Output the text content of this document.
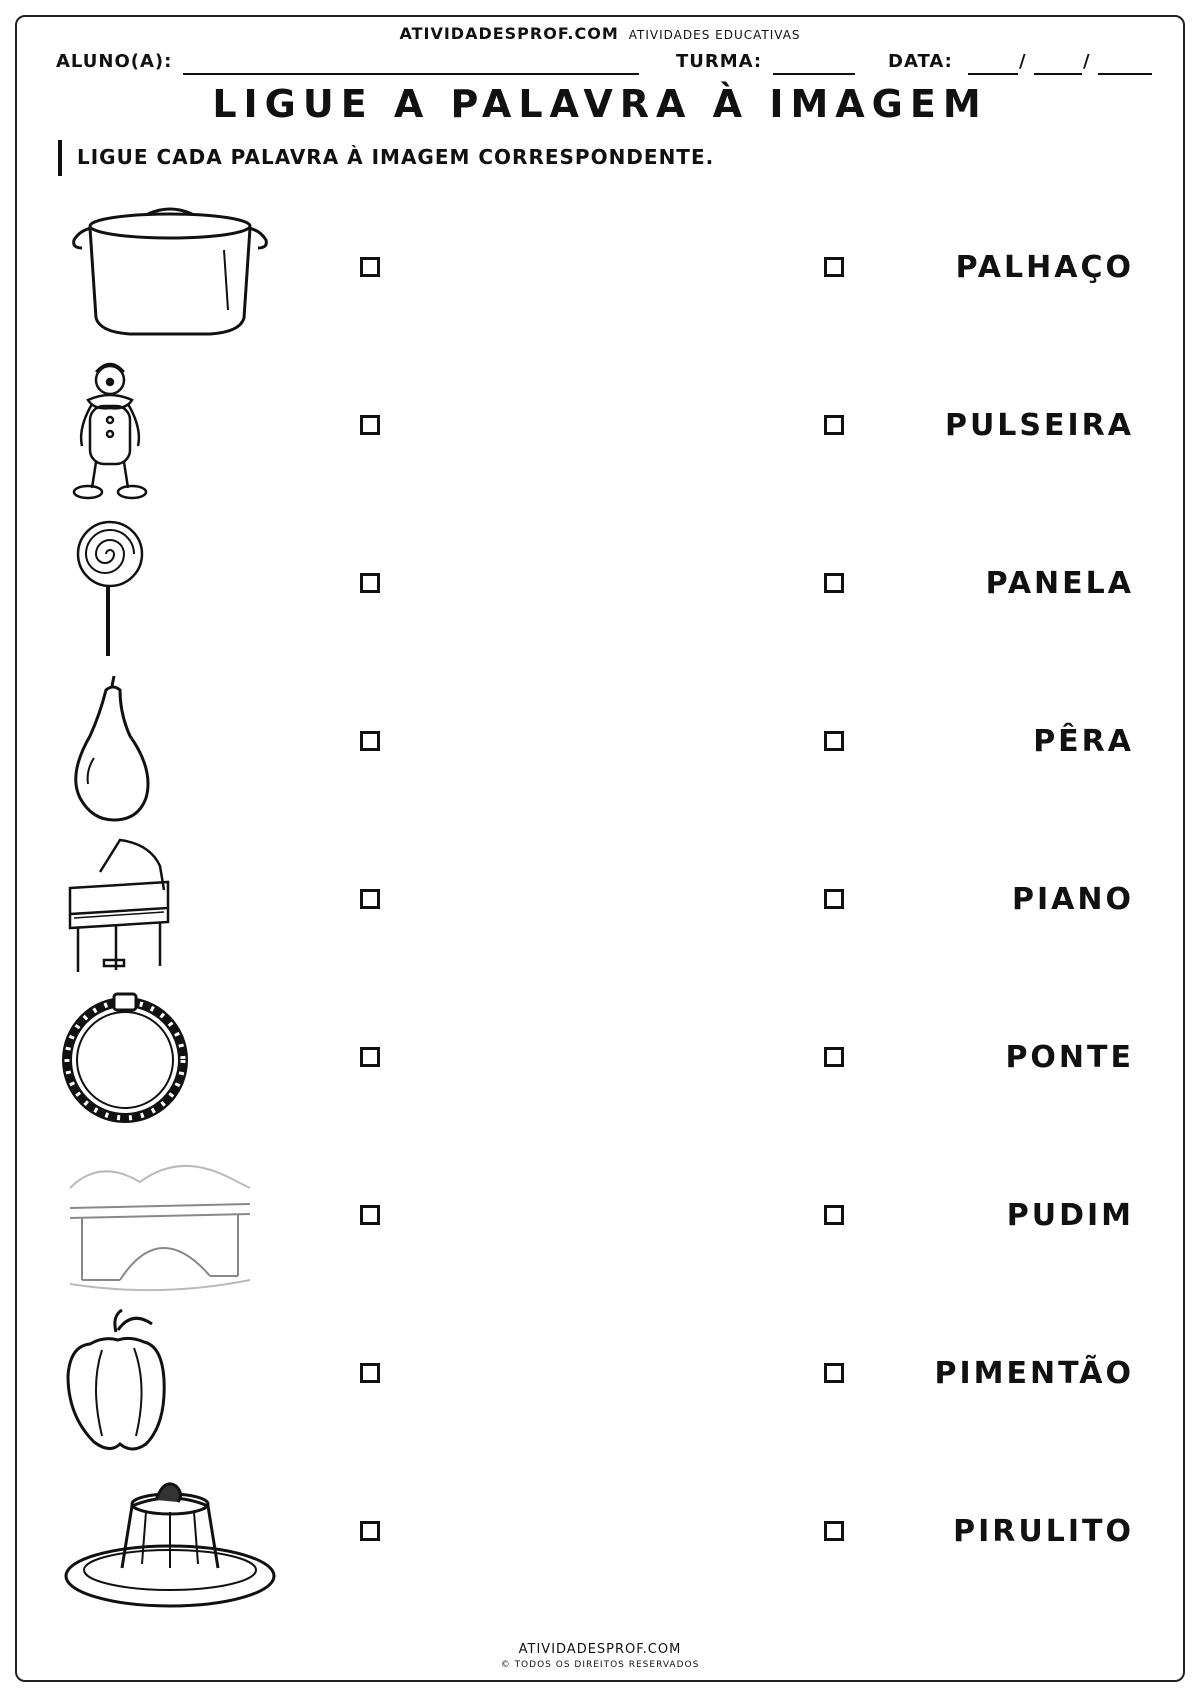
ATIVIDADESPROF.COM ATIVIDADES EDUCATIVAS
ALUNO(A):	TURMA:	DATA:	/	/
LIGUE A PALAVRA À IMAGEM
LIGUE CADA PALAVRA À IMAGEM CORRESPONDENTE.
PALHAÇO
PULSEIRA
PANELA
PÊRA
PIANO
PONTE
PUDIM
PIMENTÃO
PIRULITO
ATIVIDADESPROF.COM
© TODOS OS DIREITOS RESERVADOS
